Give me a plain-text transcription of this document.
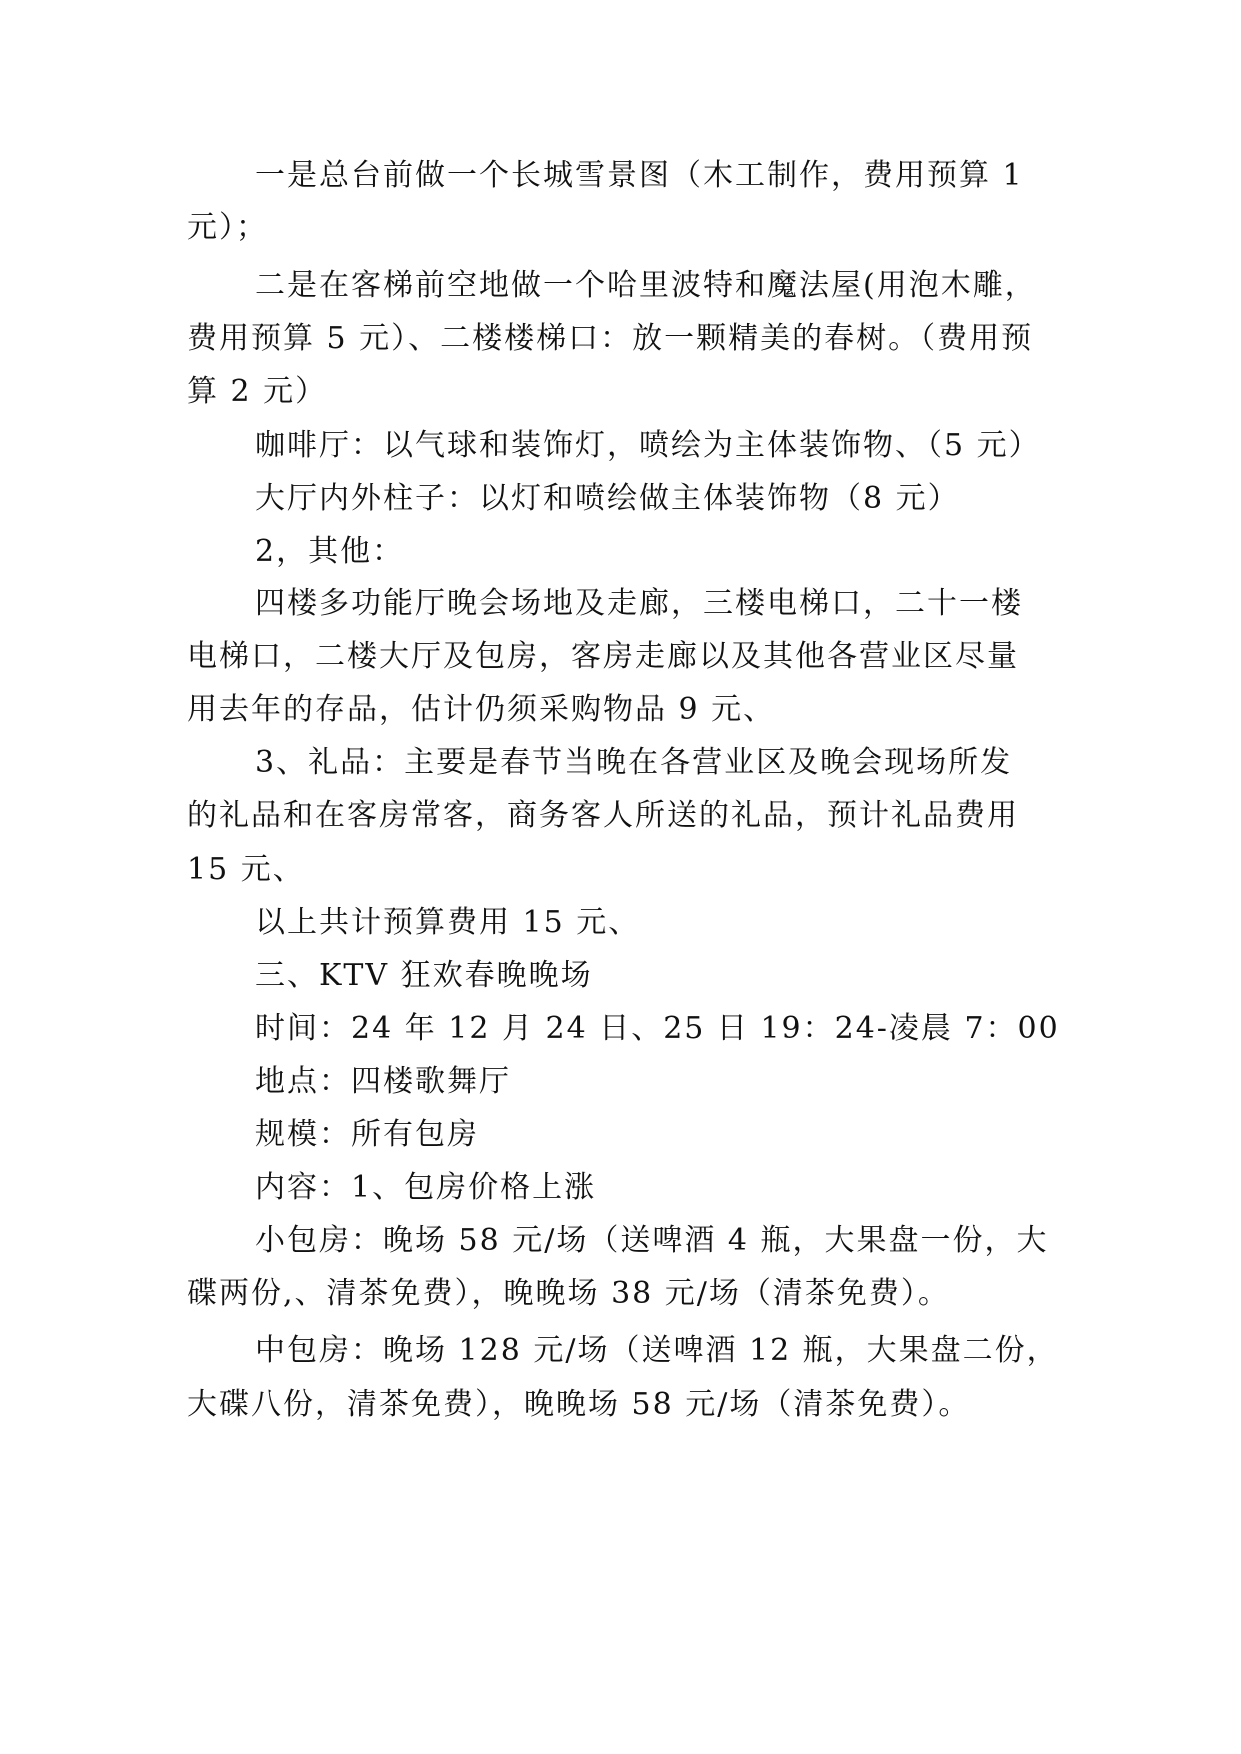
一是总台前做一个长城雪景图（木工制作，费用预算 1
元）；
二是在客梯前空地做一个哈里波特和魔法屋(用泡木雕，
费用预算 5 元）、二楼楼梯口：放一颗精美的春树。（费用预
算 2 元）
咖啡厅：以气球和装饰灯，喷绘为主体装饰物、（5 元）
大厅内外柱子：以灯和喷绘做主体装饰物（8 元）
2，其他：
四楼多功能厅晚会场地及走廊，三楼电梯口，二十一楼
电梯口，二楼大厅及包房，客房走廊以及其他各营业区尽量
用去年的存品，估计仍须采购物品 9 元、
3、礼品：主要是春节当晚在各营业区及晚会现场所发
的礼品和在客房常客，商务客人所送的礼品，预计礼品费用
15 元、
以上共计预算费用 15 元、
三、KTV 狂欢春晚晚场
时间：24 年 12 月 24 日、25 日 19：24-凌晨 7：00
地点：四楼歌舞厅
规模：所有包房
内容：1、包房价格上涨
小包房：晚场 58 元/场（送啤酒 4 瓶，大果盘一份，大
碟两份,、清茶免费），晚晚场 38 元/场（清茶免费）。
中包房：晚场 128 元/场（送啤酒 12 瓶，大果盘二份，
大碟八份，清茶免费），晚晚场 58 元/场（清茶免费）。
